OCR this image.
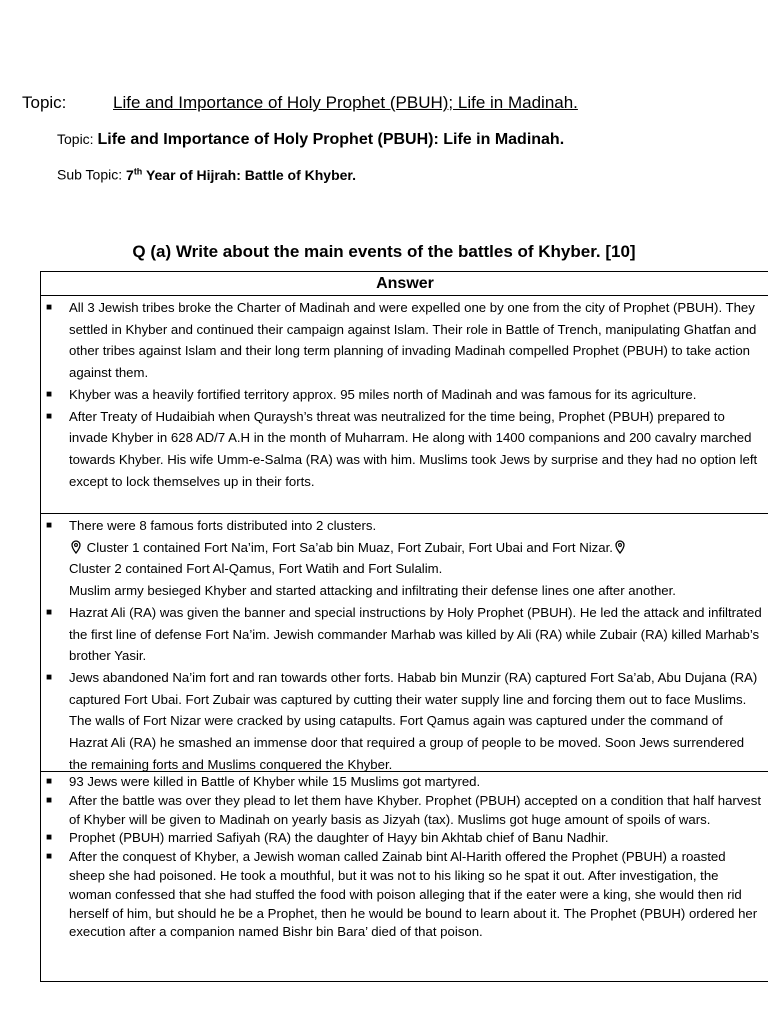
Topic:	Life and Importance of Holy Prophet (PBUH); Life in Madinah.
Topic: Life and Importance of Holy Prophet (PBUH): Life in Madinah.
Sub Topic: 7th Year of Hijrah: Battle of Khyber.
Q (a) Write about the main events of the battles of Khyber. [10]
Answer
■ All 3 Jewish tribes broke the Charter of Madinah and were expelled one by one from the city of Prophet (PBUH). They settled in Khyber and continued their campaign against Islam. Their role in Battle of Trench, manipulating Ghatfan and other tribes against Islam and their long term planning of invading Madinah compelled Prophet (PBUH) to take action against them.
■ Khyber was a heavily fortified territory approx. 95 miles north of Madinah and was famous for its agriculture.
■ After Treaty of Hudaibiah when Quraysh’s threat was neutralized for the time being, Prophet (PBUH) prepared to invade Khyber in 628 AD/7 A.H in the month of Muharram. He along with 1400 companions and 200 cavalry marched towards Khyber. His wife Umm-e-Salma (RA) was with him. Muslims took Jews by surprise and they had no option left except to lock themselves up in their forts.
■ There were 8 famous forts distributed into 2 clusters.
Cluster 1 contained Fort Na’im, Fort Sa’ab bin Muaz, Fort Zubair, Fort Ubai and Fort Nizar.
Cluster 2 contained Fort Al-Qamus, Fort Watih and Fort Sulalim.
Muslim army besieged Khyber and started attacking and infiltrating their defense lines one after another.
■ Hazrat Ali (RA) was given the banner and special instructions by Holy Prophet (PBUH). He led the attack and infiltrated the first line of defense Fort Na’im. Jewish commander Marhab was killed by Ali (RA) while Zubair (RA) killed Marhab’s brother Yasir.
■ Jews abandoned Na’im fort and ran towards other forts. Habab bin Munzir (RA) captured Fort Sa’ab, Abu Dujana (RA) captured Fort Ubai. Fort Zubair was captured by cutting their water supply line and forcing them out to face Muslims. The walls of Fort Nizar were cracked by using catapults. Fort Qamus again was captured under the command of Hazrat Ali (RA) he smashed an immense door that required a group of people to be moved. Soon Jews surrendered the remaining forts and Muslims conquered the Khyber.
■ 93 Jews were killed in Battle of Khyber while 15 Muslims got martyred.
■ After the battle was over they plead to let them have Khyber. Prophet (PBUH) accepted on a condition that half harvest of Khyber will be given to Madinah on yearly basis as Jizyah (tax). Muslims got huge amount of spoils of wars.
■ Prophet (PBUH) married Safiyah (RA) the daughter of Hayy bin Akhtab chief of Banu Nadhir.
■ After the conquest of Khyber, a Jewish woman called Zainab bint Al-Harith offered the Prophet (PBUH) a roasted sheep she had poisoned. He took a mouthful, but it was not to his liking so he spat it out. After investigation, the woman confessed that she had stuffed the food with poison alleging that if the eater were a king, she would then rid herself of him, but should he be a Prophet, then he would be bound to learn about it. The Prophet (PBUH) ordered her execution after a companion named Bishr bin Bara’ died of that poison.
